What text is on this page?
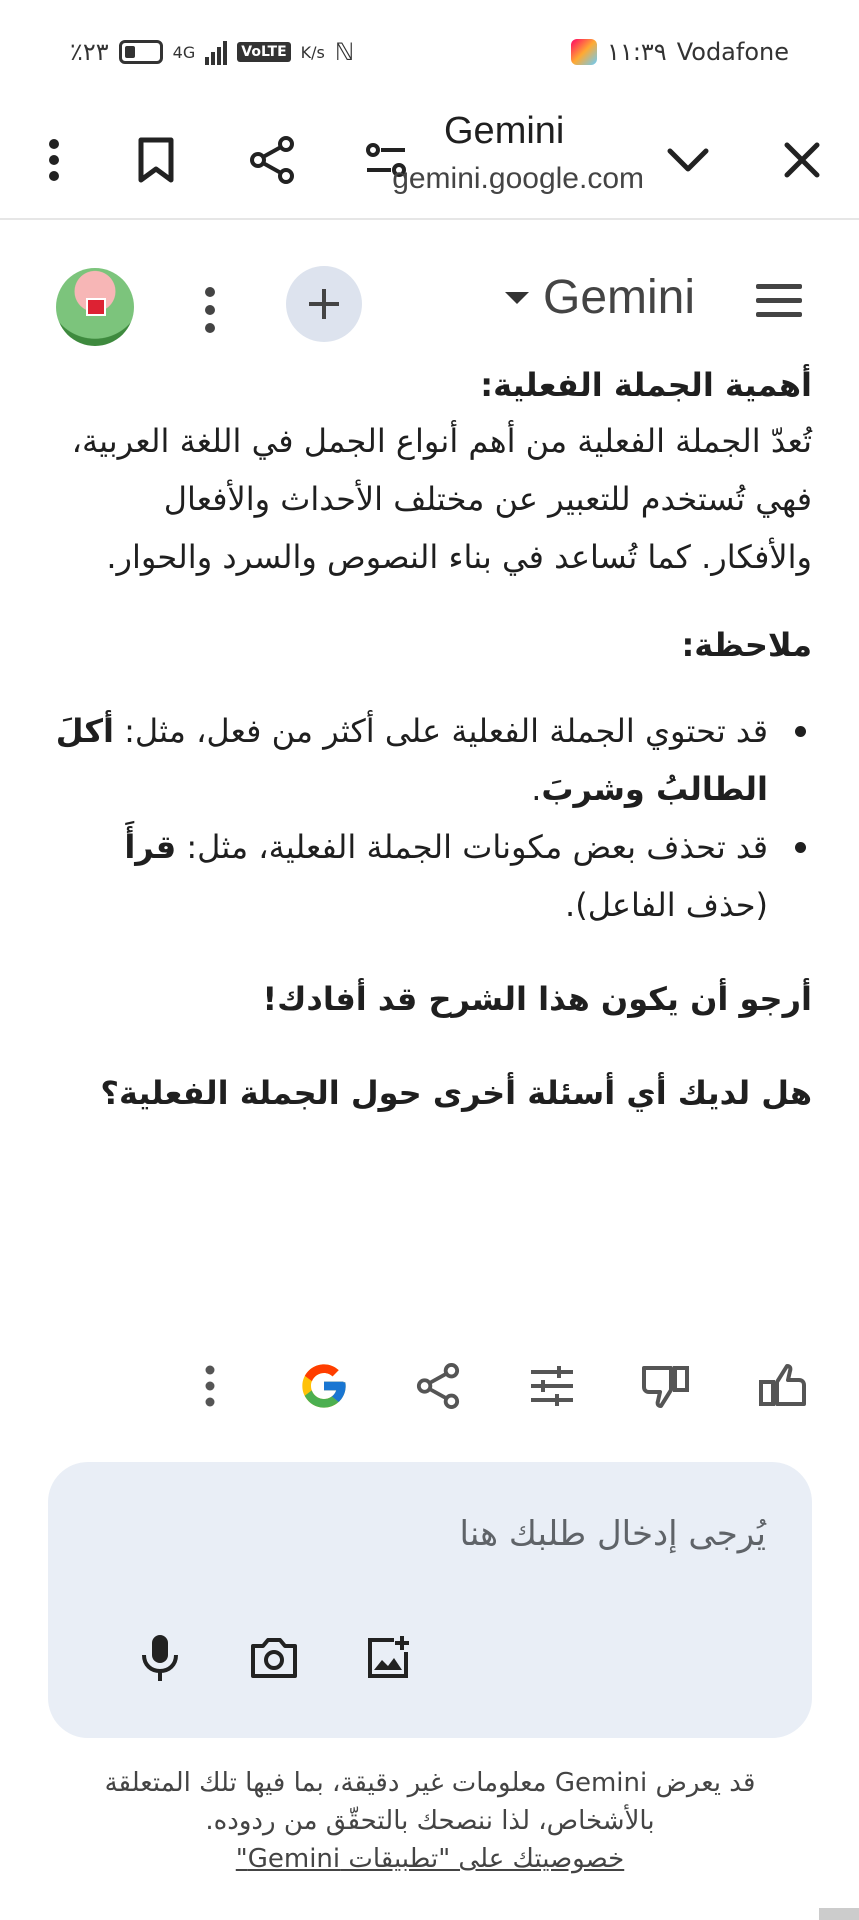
٪٢٣	4G	VoLTE K/s ℕ	١١:٣٩ Vodafone
Gemini
gemini.google.com
Gemini

أهمية الجملة الفعلية:

تُعدّ الجملة الفعلية من أهم أنواع الجمل في اللغة العربية، فهي تُستخدم للتعبير عن مختلف الأحداث والأفعال والأفكار. كما تُساعد في بناء النصوص والسرد والحوار.

ملاحظة:

قد تحتوي الجملة الفعلية على أكثر من فعل، مثل: أكلَ الطالبُ وشربَ.
قد تحذف بعض مكونات الجملة الفعلية، مثل: قرأَ (حذف الفاعل).

أرجو أن يكون هذا الشرح قد أفادك!

هل لديك أي أسئلة أخرى حول الجملة الفعلية؟

يُرجى إدخال طلبك هنا
قد يعرض Gemini معلومات غير دقيقة، بما فيها تلك المتعلقة بالأشخاص، لذا ننصحك بالتحقّق من ردوده.
خصوصيتك على "تطبيقات Gemini"
